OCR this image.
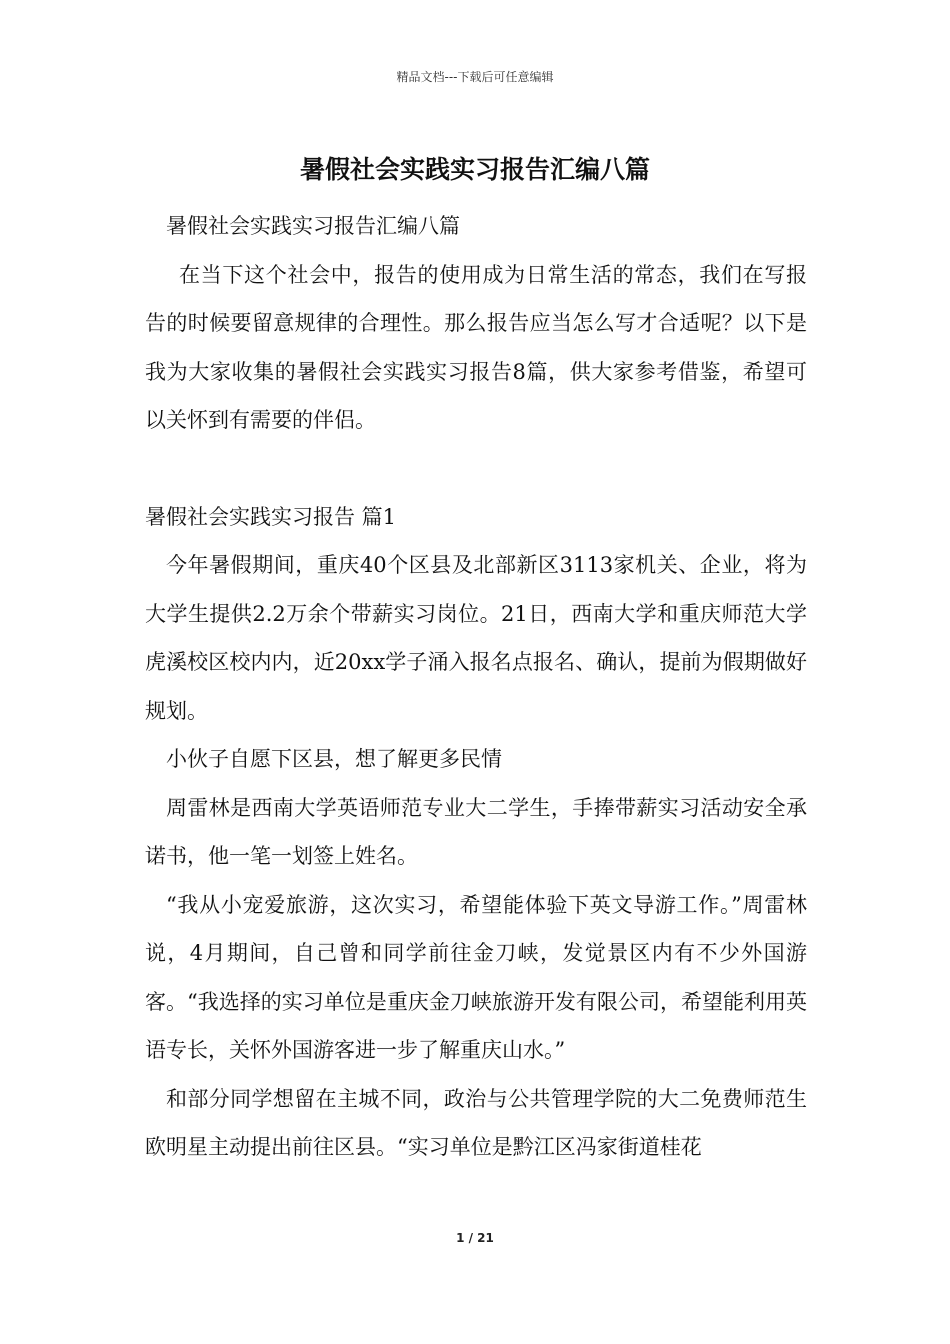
精品文档---下载后可任意编辑
暑假社会实践实习报告汇编八篇

暑假社会实践实习报告汇编八篇

在当下这个社会中，报告的使用成为日常生活的常态，我们在写报告的时候要留意规律的合理性。那么报告应当怎么写才合适呢？以下是我为大家收集的暑假社会实践实习报告8篇，供大家参考借鉴，希望可以关怀到有需要的伴侣。

暑假社会实践实习报告 篇1

今年暑假期间，重庆40个区县及北部新区3113家机关、企业，将为大学生提供2.2万余个带薪实习岗位。21日，西南大学和重庆师范大学虎溪校区校内内，近20xx学子涌入报名点报名、确认，提前为假期做好规划。

小伙子自愿下区县，想了解更多民情

周雷林是西南大学英语师范专业大二学生，手捧带薪实习活动安全承诺书，他一笔一划签上姓名。

“我从小宠爱旅游，这次实习，希望能体验下英文导游工作。”周雷林说，4月期间，自己曾和同学前往金刀峡，发觉景区内有不少外国游客。“我选择的实习单位是重庆金刀峡旅游开发有限公司，希望能利用英语专长，关怀外国游客进一步了解重庆山水。”

和部分同学想留在主城不同，政治与公共管理学院的大二免费师范生欧明星主动提出前往区县。“实习单位是黔江区冯家街道桂花

1 / 21
